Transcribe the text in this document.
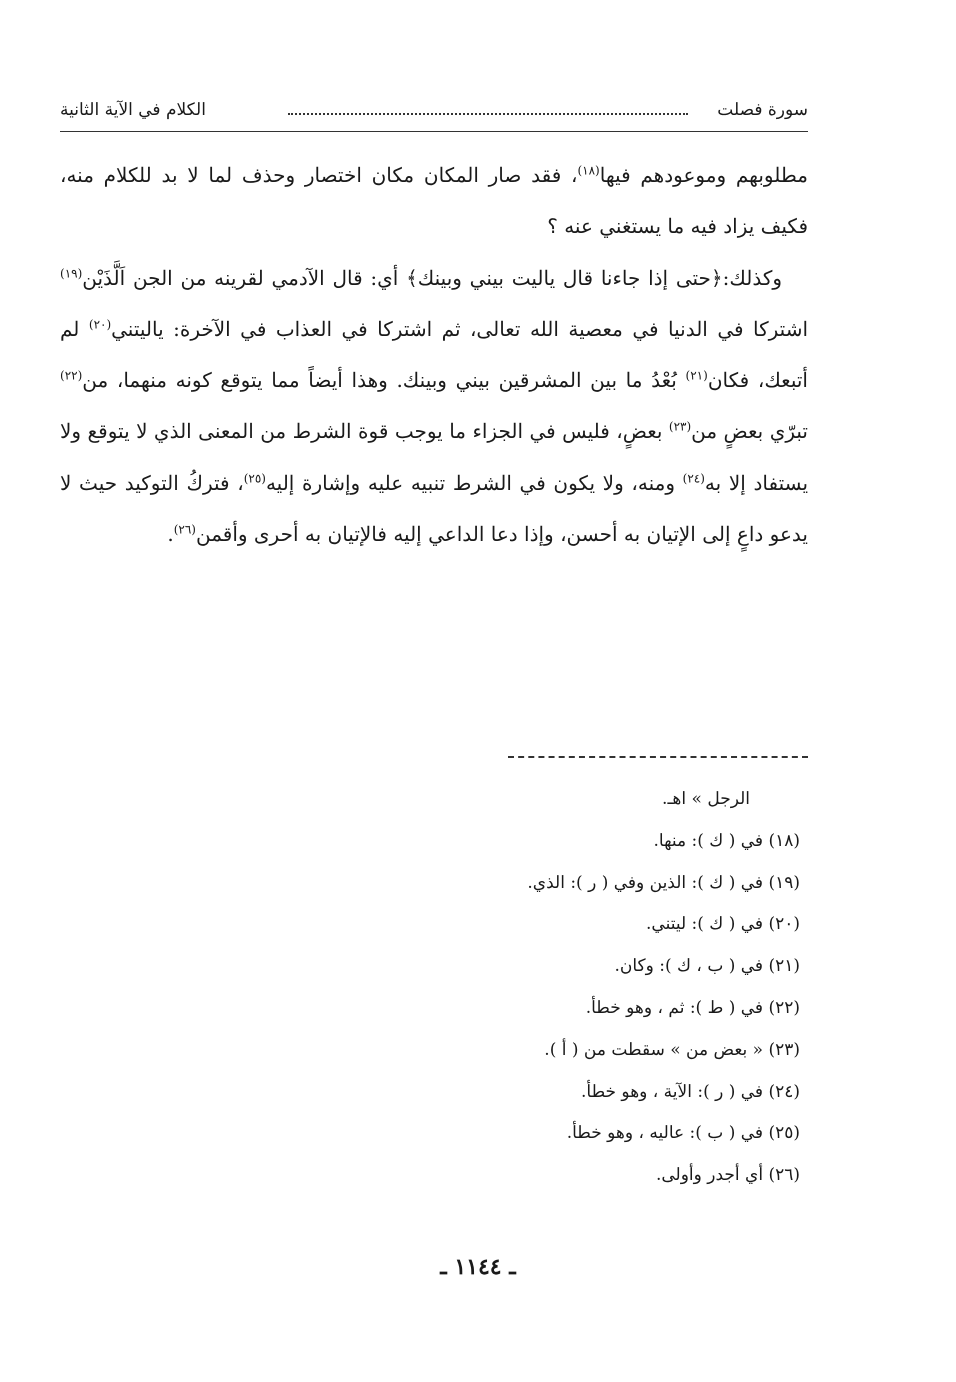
سورة فصلت
الكلام في الآية الثانية

مطلوبهم وموعودهم فيها$^{(١٨)}$، فقد صار المكان مكان اختصار وحذف لما لا بد للكلام منه، فكيف يزاد فيه ما يستغني عنه ؟

وكذلك:﴿حتى إذا جاءنا قال ياليت بيني وبينك﴾ أي: قال الآدمي لقرينه من الجن اَلَّذَيْن$^{(١٩)}$ اشتركا في الدنيا في معصية الله تعالى، ثم اشتركا في العذاب في الآخرة: ياليتني$^{(٢٠)}$ لم أتبعك، فكان$^{(٢١)}$ بُعْدُ ما بين المشرقين بيني وبينك. وهذا أيضاً مما يتوقع كونه منهما، من$^{(٢٢)}$ تبرّي بعضٍ من$^{(٢٣)}$ بعضٍ، فليس في الجزاء ما يوجب قوة الشرط من المعنى الذي لا يتوقع ولا يستفاد إلا به$^{(٢٤)}$ ومنه، ولا يكون في الشرط تنبيه عليه وإشارة إليه$^{(٢٥)}$، فتركُ التوكيد حيث لا يدعو داعٍ إلى الإتيان به أحسن، وإذا دعا الداعي إليه فالإتيان به أحرى وأقمن$^{(٢٦)}$.

الرجل » اهـ.
(١٨) في ( ك ): منها.
(١٩) في ( ك ): الذين وفي ( ر ): الذي.
(٢٠) في ( ك ): ليتني.
(٢١) في ( ب ، ك ): وكان.
(٢٢) في ( ط ): ثم ، وهو خطأ.
(٢٣) « بعض من » سقطت من ( أ ).
(٢٤) في ( ر ): الآية ، وهو خطأ.
(٢٥) في ( ب ): عاليه ، وهو خطأ.
(٢٦) أي أجدر وأولى.
ـ ١١٤٤ ـ
